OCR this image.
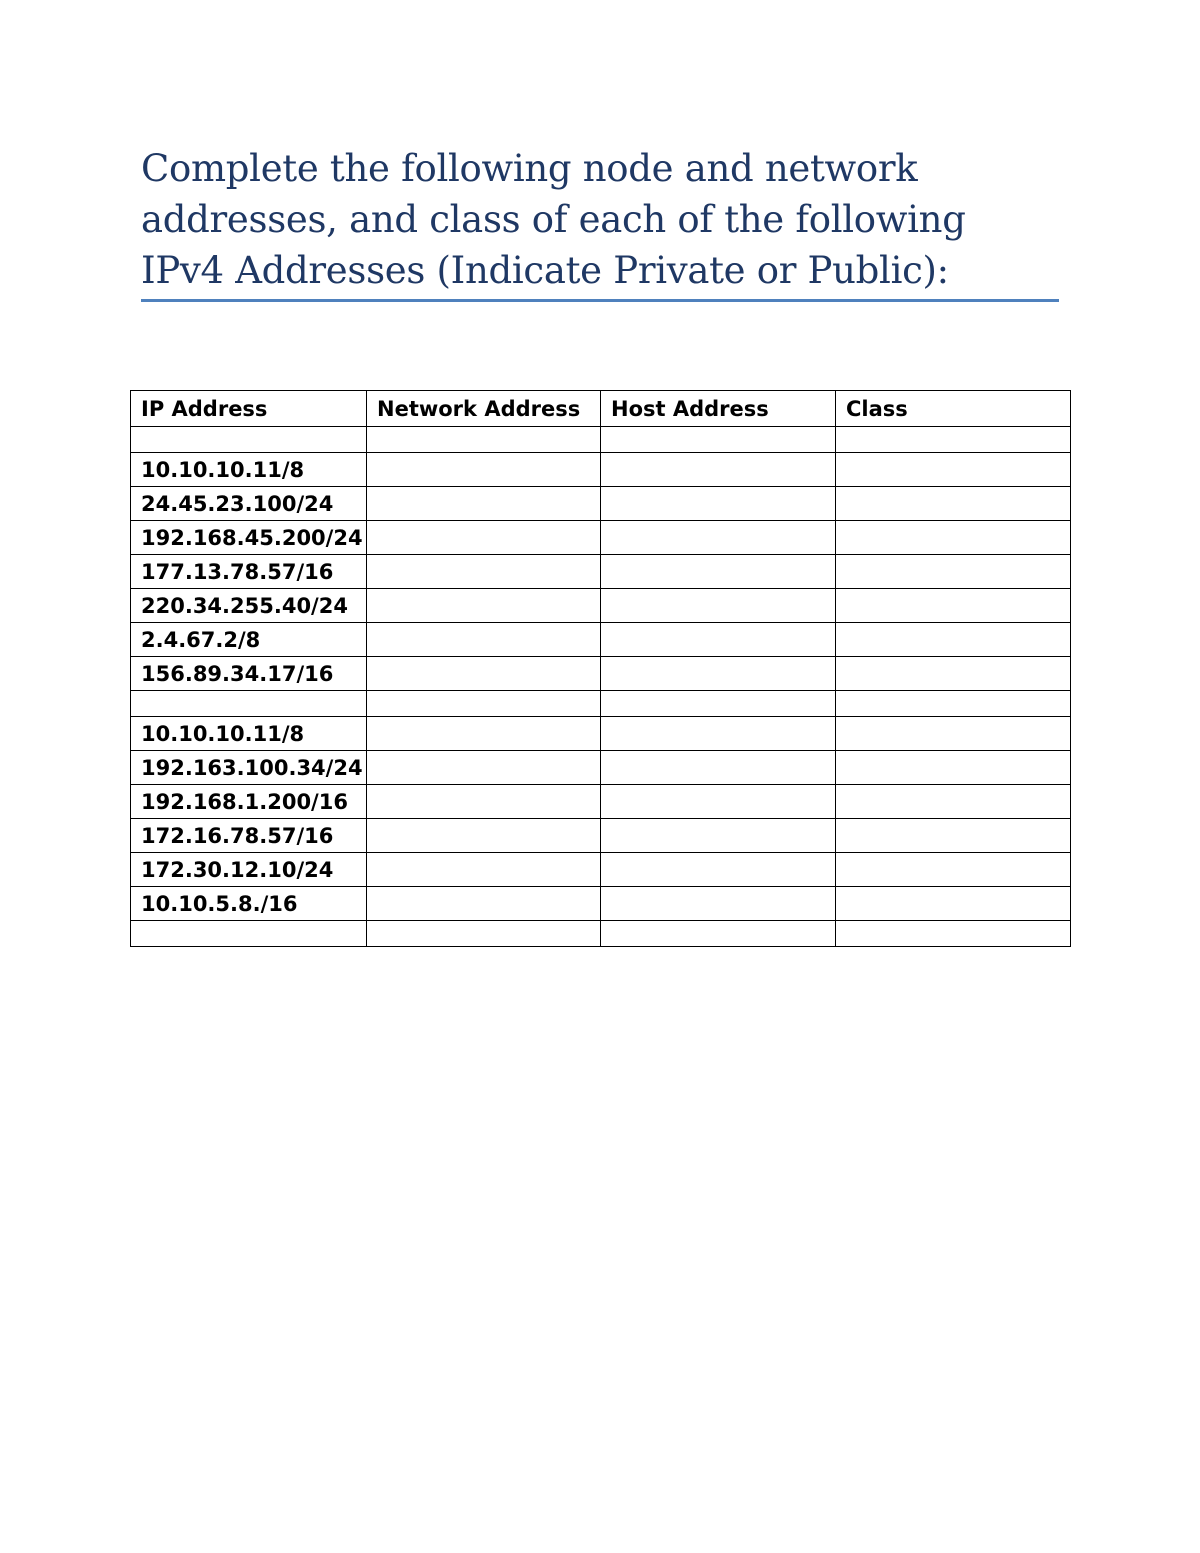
Complete the following node and network
addresses, and class of each of the following
IPv4 Addresses (Indicate Private or Public):
IP Address	Network Address	Host Address	Class

10.10.10.11/8			
24.45.23.100/24			
192.168.45.200/24			
177.13.78.57/16			
220.34.255.40/24			
2.4.67.2/8			
156.89.34.17/16			

10.10.10.11/8			
192.163.100.34/24			
192.168.1.200/16			
172.16.78.57/16			
172.30.12.10/24			
10.10.5.8./16			
